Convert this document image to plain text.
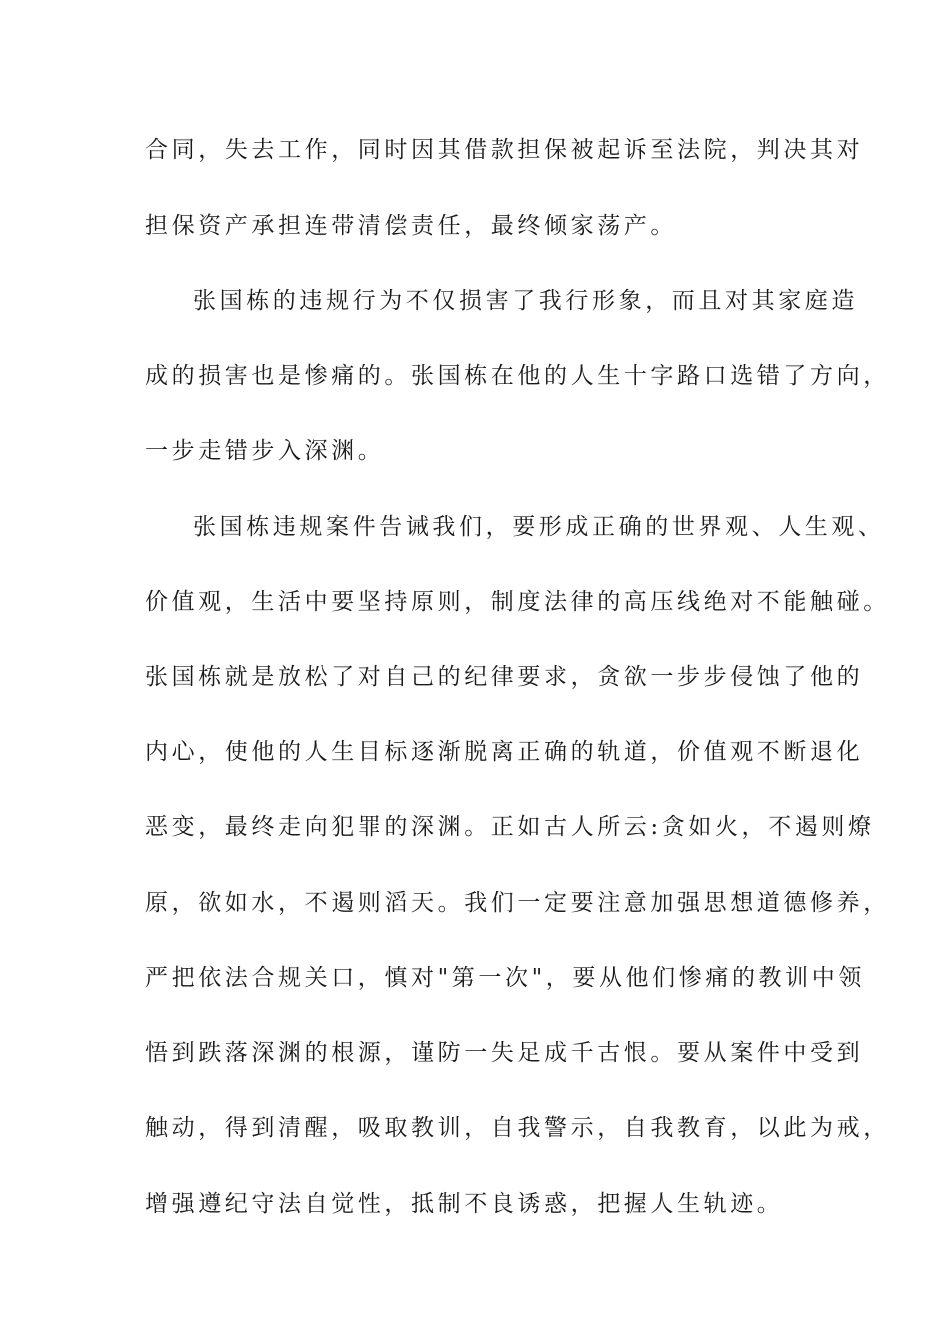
合同，失去工作，同时因其借款担保被起诉至法院，判决其对
担保资产承担连带清偿责任，最终倾家荡产。
张国栋的违规行为不仅损害了我行形象，而且对其家庭造
成的损害也是惨痛的。张国栋在他的人生十字路口选错了方向，
一步走错步入深渊。
张国栋违规案件告诫我们，要形成正确的世界观、人生观、
价值观，生活中要坚持原则，制度法律的高压线绝对不能触碰。
张国栋就是放松了对自己的纪律要求，贪欲一步步侵蚀了他的
内心，使他的人生目标逐渐脱离正确的轨道，价值观不断退化
恶变，最终走向犯罪的深渊。正如古人所云:贪如火，不遏则燎
原，欲如水，不遏则滔天。我们一定要注意加强思想道德修养，
严把依法合规关口，慎对"第一次"，要从他们惨痛的教训中领
悟到跌落深渊的根源，谨防一失足成千古恨。要从案件中受到
触动，得到清醒，吸取教训，自我警示，自我教育，以此为戒，
增强遵纪守法自觉性，抵制不良诱惑，把握人生轨迹。
